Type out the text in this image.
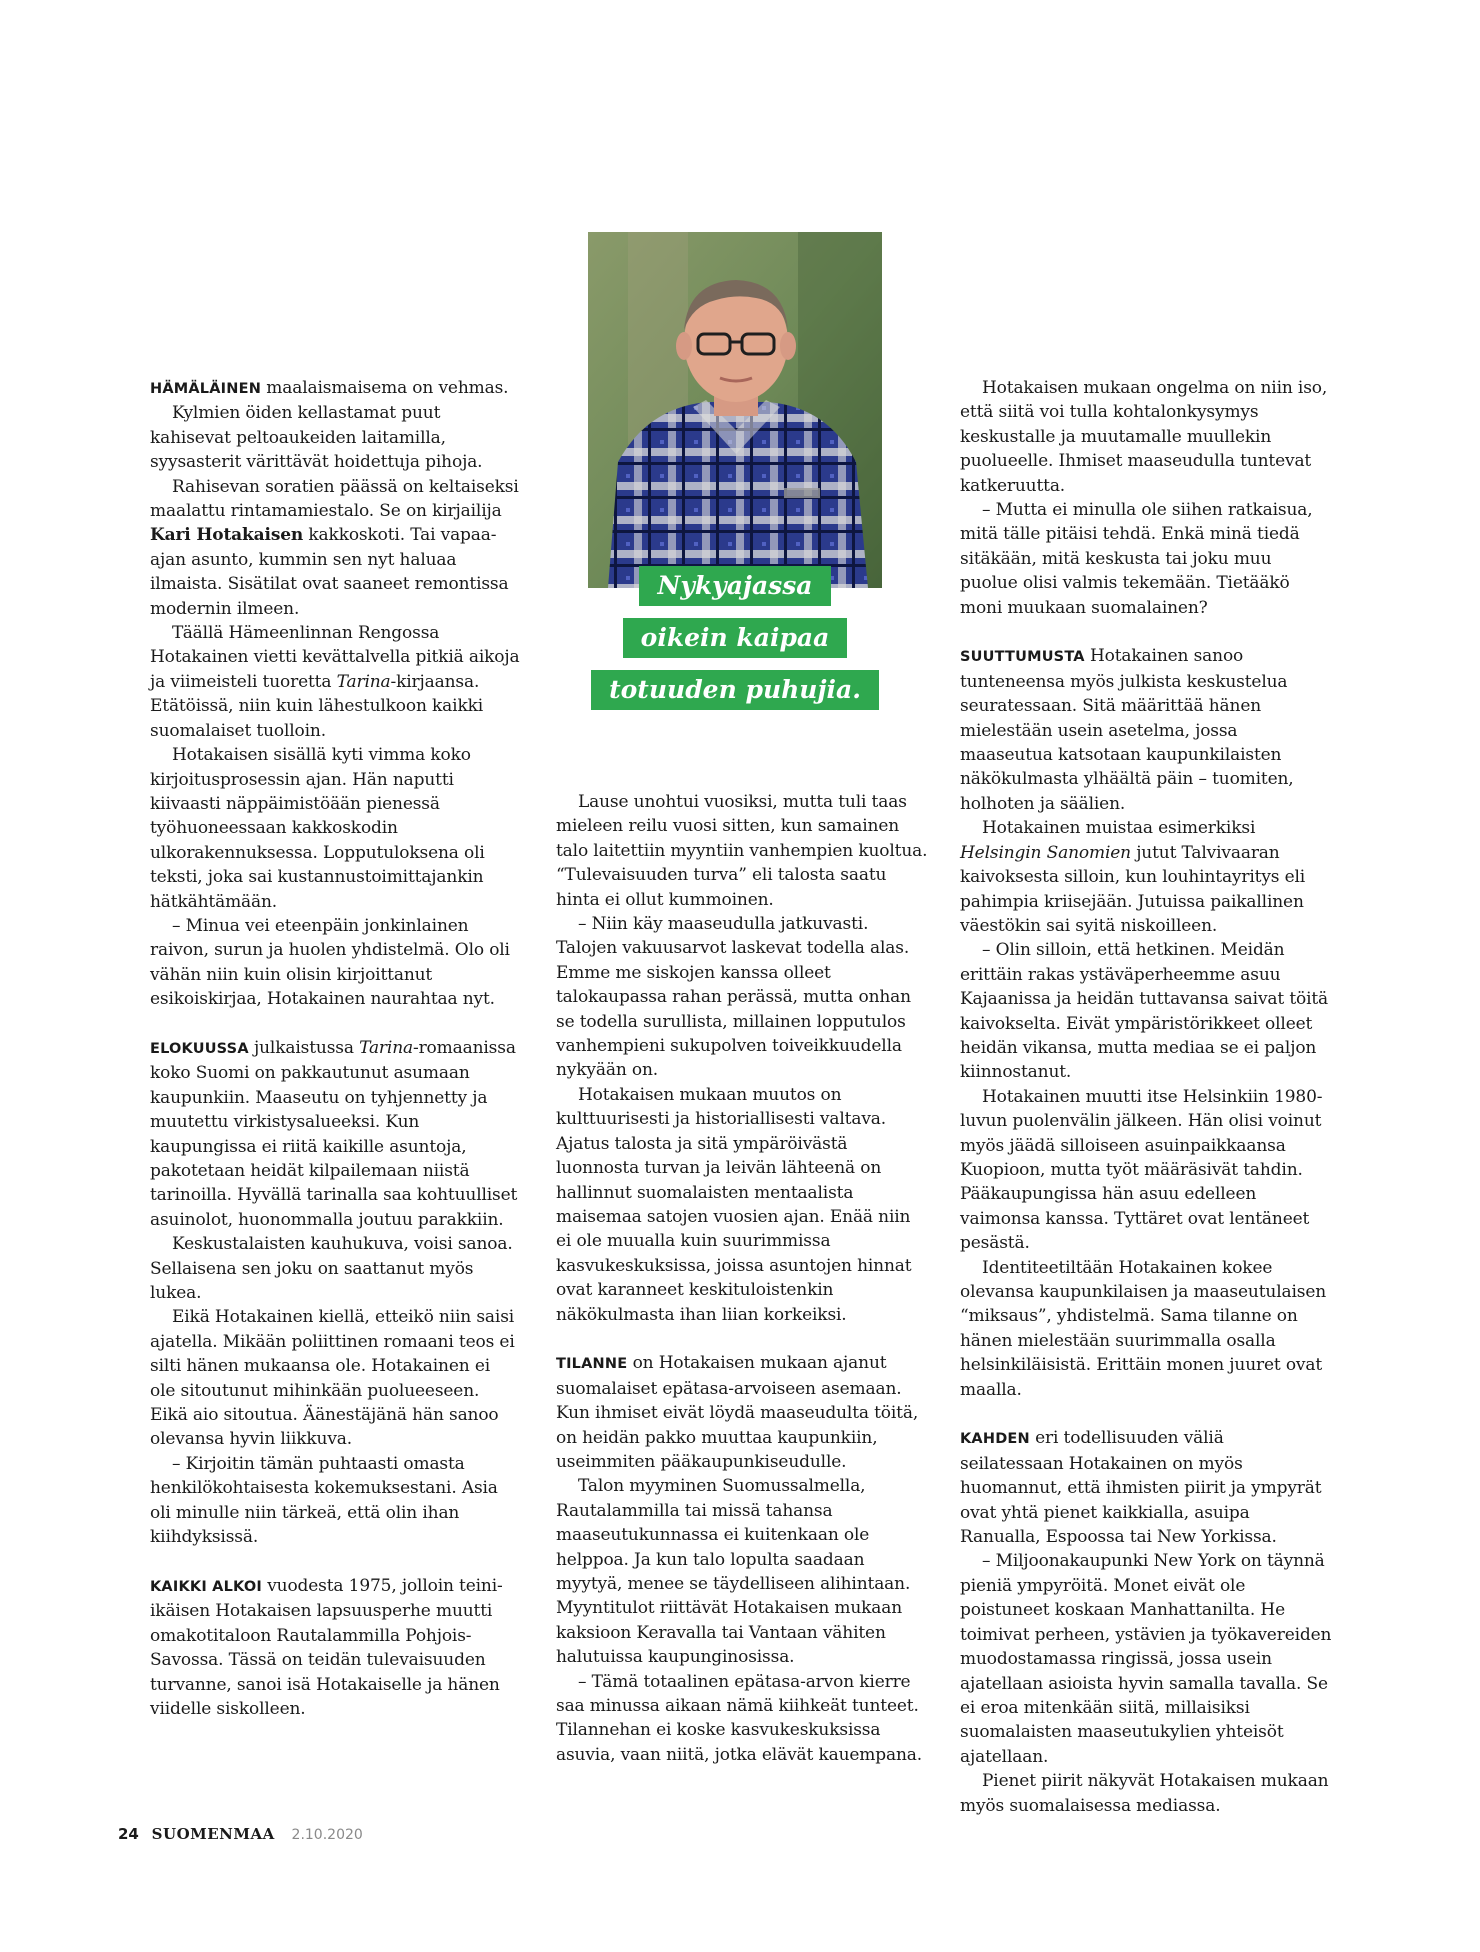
Nykyajassa
oikein kaipaa
totuuden puhujia.

HÄMÄLÄINEN maalaismaisema on vehmas.

Kylmien öiden kellastamat puut kahisevat peltoaukeiden laitamilla, syysasterit värittävät hoidettuja pihoja.

Rahisevan soratien päässä on keltaiseksi maalattu rintamamiestalo. Se on kirjailija Kari Hotakaisen kakkoskoti. Tai vapaa-ajan asunto, kummin sen nyt haluaa ilmaista. Sisätilat ovat saaneet remontissa modernin ilmeen.

Täällä Hämeenlinnan Rengossa Hotakainen vietti kevättalvella pitkiä aikoja ja viimeisteli tuoretta Tarina-kirjaansa. Etätöissä, niin kuin lähestulkoon kaikki suomalaiset tuolloin.

Hotakaisen sisällä kyti vimma koko kirjoitusprosessin ajan. Hän naputti kiivaasti näppäimistöään pienessä työhuoneessaan kakkoskodin ulkorakennuksessa. Lopputuloksena oli teksti, joka sai kustannustoimittajankin hätkähtämään.

– Minua vei eteenpäin jonkinlainen raivon, surun ja huolen yhdistelmä. Olo oli vähän niin kuin olisin kirjoittanut esikoiskirjaa, Hotakainen naurahtaa nyt.

ELOKUUSSA julkaistussa Tarina-romaanissa koko Suomi on pakkautunut asumaan kaupunkiin. Maaseutu on tyhjennetty ja muutettu virkistysalueeksi. Kun kaupungissa ei riitä kaikille asuntoja, pakotetaan heidät kilpailemaan niistä tarinoilla. Hyvällä tarinalla saa kohtuulliset asuinolot, huonommalla joutuu parakkiin.

Keskustalaisten kauhukuva, voisi sanoa. Sellaisena sen joku on saattanut myös lukea.

Eikä Hotakainen kiellä, etteikö niin saisi ajatella. Mikään poliittinen romaani teos ei silti hänen mukaansa ole. Hotakainen ei ole sitoutunut mihinkään puolueeseen. Eikä aio sitoutua. Äänestäjänä hän sanoo olevansa hyvin liikkuva.

– Kirjoitin tämän puhtaasti omasta henkilökohtaisesta kokemuksestani. Asia oli minulle niin tärkeä, että olin ihan kiihdyksissä.

KAIKKI ALKOI vuodesta 1975, jolloin teini-ikäisen Hotakaisen lapsuusperhe muutti omakotitaloon Rautalammilla Pohjois-Savossa. Tässä on teidän tulevaisuuden turvanne, sanoi isä Hotakaiselle ja hänen viidelle siskolleen.

Lause unohtui vuosiksi, mutta tuli taas mieleen reilu vuosi sitten, kun samainen talo laitettiin myyntiin vanhempien kuoltua. “Tulevaisuuden turva” eli talosta saatu hinta ei ollut kummoinen.

– Niin käy maaseudulla jatkuvasti. Talojen vakuusarvot laskevat todella alas. Emme me siskojen kanssa olleet talokaupassa rahan perässä, mutta onhan se todella surullista, millainen lopputulos vanhempieni sukupolven toiveikkuudella nykyään on.

Hotakaisen mukaan muutos on kulttuurisesti ja historiallisesti valtava. Ajatus talosta ja sitä ympäröivästä luonnosta turvan ja leivän lähteenä on hallinnut suomalaisten mentaalista maisemaa satojen vuosien ajan. Enää niin ei ole muualla kuin suurimmissa kasvukeskuksissa, joissa asuntojen hinnat ovat karanneet keskituloistenkin näkökulmasta ihan liian korkeiksi.

TILANNE on Hotakaisen mukaan ajanut suomalaiset epätasa-arvoiseen asemaan. Kun ihmiset eivät löydä maaseudulta töitä, on heidän pakko muuttaa kaupunkiin, useimmiten pääkaupunkiseudulle.

Talon myyminen Suomussalmella, Rautalammilla tai missä tahansa maaseutukunnassa ei kuitenkaan ole helppoa. Ja kun talo lopulta saadaan myytyä, menee se täydelliseen alihintaan. Myyntitulot riittävät Hotakaisen mukaan kaksioon Keravalla tai Vantaan vähiten halutuissa kaupunginosissa.

– Tämä totaalinen epätasa-arvon kierre saa minussa aikaan nämä kiihkeät tunteet. Tilannehan ei koske kasvukeskuksissa asuvia, vaan niitä, jotka elävät kauempana.

Hotakaisen mukaan ongelma on niin iso, että siitä voi tulla kohtalonkysymys keskustalle ja muutamalle muullekin puolueelle. Ihmiset maaseudulla tuntevat katkeruutta.

– Mutta ei minulla ole siihen ratkaisua, mitä tälle pitäisi tehdä. Enkä minä tiedä sitäkään, mitä keskusta tai joku muu puolue olisi valmis tekemään. Tietääkö moni muukaan suomalainen?

SUUTTUMUSTA Hotakainen sanoo tunteneensa myös julkista keskustelua seuratessaan. Sitä määrittää hänen mielestään usein asetelma, jossa maaseutua katsotaan kaupunkilaisten näkökulmasta ylhäältä päin – tuomiten, holhoten ja säälien.

Hotakainen muistaa esimerkiksi Helsingin Sanomien jutut Talvivaaran kaivoksesta silloin, kun louhintayritys eli pahimpia kriisejään. Jutuissa paikallinen väestökin sai syitä niskoilleen.

– Olin silloin, että hetkinen. Meidän erittäin rakas ystäväperheemme asuu Kajaanissa ja heidän tuttavansa saivat töitä kaivokselta. Eivät ympäristörikkeet olleet heidän vikansa, mutta mediaa se ei paljon kiinnostanut.

Hotakainen muutti itse Helsinkiin 1980-luvun puolenvälin jälkeen. Hän olisi voinut myös jäädä silloiseen asuinpaikkaansa Kuopioon, mutta työt määräsivät tahdin. Pääkaupungissa hän asuu edelleen vaimonsa kanssa. Tyttäret ovat lentäneet pesästä.

Identiteetiltään Hotakainen kokee olevansa kaupunkilaisen ja maaseutulaisen “miksaus”, yhdistelmä. Sama tilanne on hänen mielestään suurimmalla osalla helsinkiläisistä. Erittäin monen juuret ovat maalla.

KAHDEN eri todellisuuden väliä seilatessaan Hotakainen on myös huomannut, että ihmisten piirit ja ympyrät ovat yhtä pienet kaikkialla, asuipa Ranualla, Espoossa tai New Yorkissa.

– Miljoonakaupunki New York on täynnä pieniä ympyröitä. Monet eivät ole poistuneet koskaan Manhattanilta. He toimivat perheen, ystävien ja työkavereiden muodostamassa ringissä, jossa usein ajatellaan asioista hyvin samalla tavalla. Se ei eroa mitenkään siitä, millaisiksi suomalaisten maaseutukylien yhteisöt ajatellaan.

Pienet piirit näkyvät Hotakaisen mukaan myös suomalaisessa mediassa.

24 SUOMENMAA 2.10.2020
